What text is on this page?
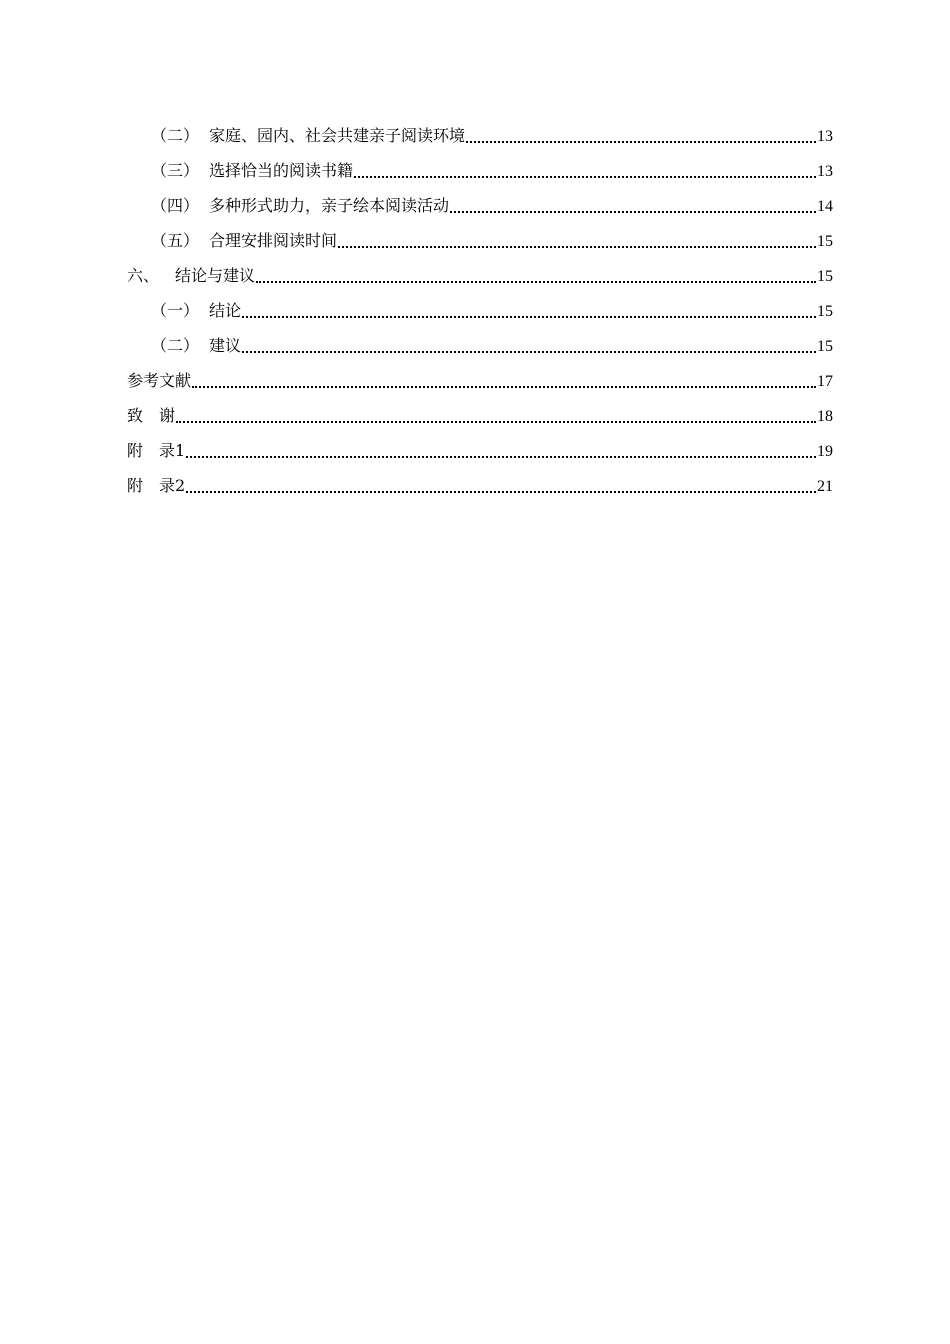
（二） 家庭、园内、社会共建亲子阅读环境	13
（三） 选择恰当的阅读书籍	13
（四） 多种形式助力，亲子绘本阅读活动	14
（五） 合理安排阅读时间	15
六、 结论与建议	15
（一） 结论	15
（二） 建议	15
参考文献	17
致　谢	18
附　录1	19
附　录2	21
